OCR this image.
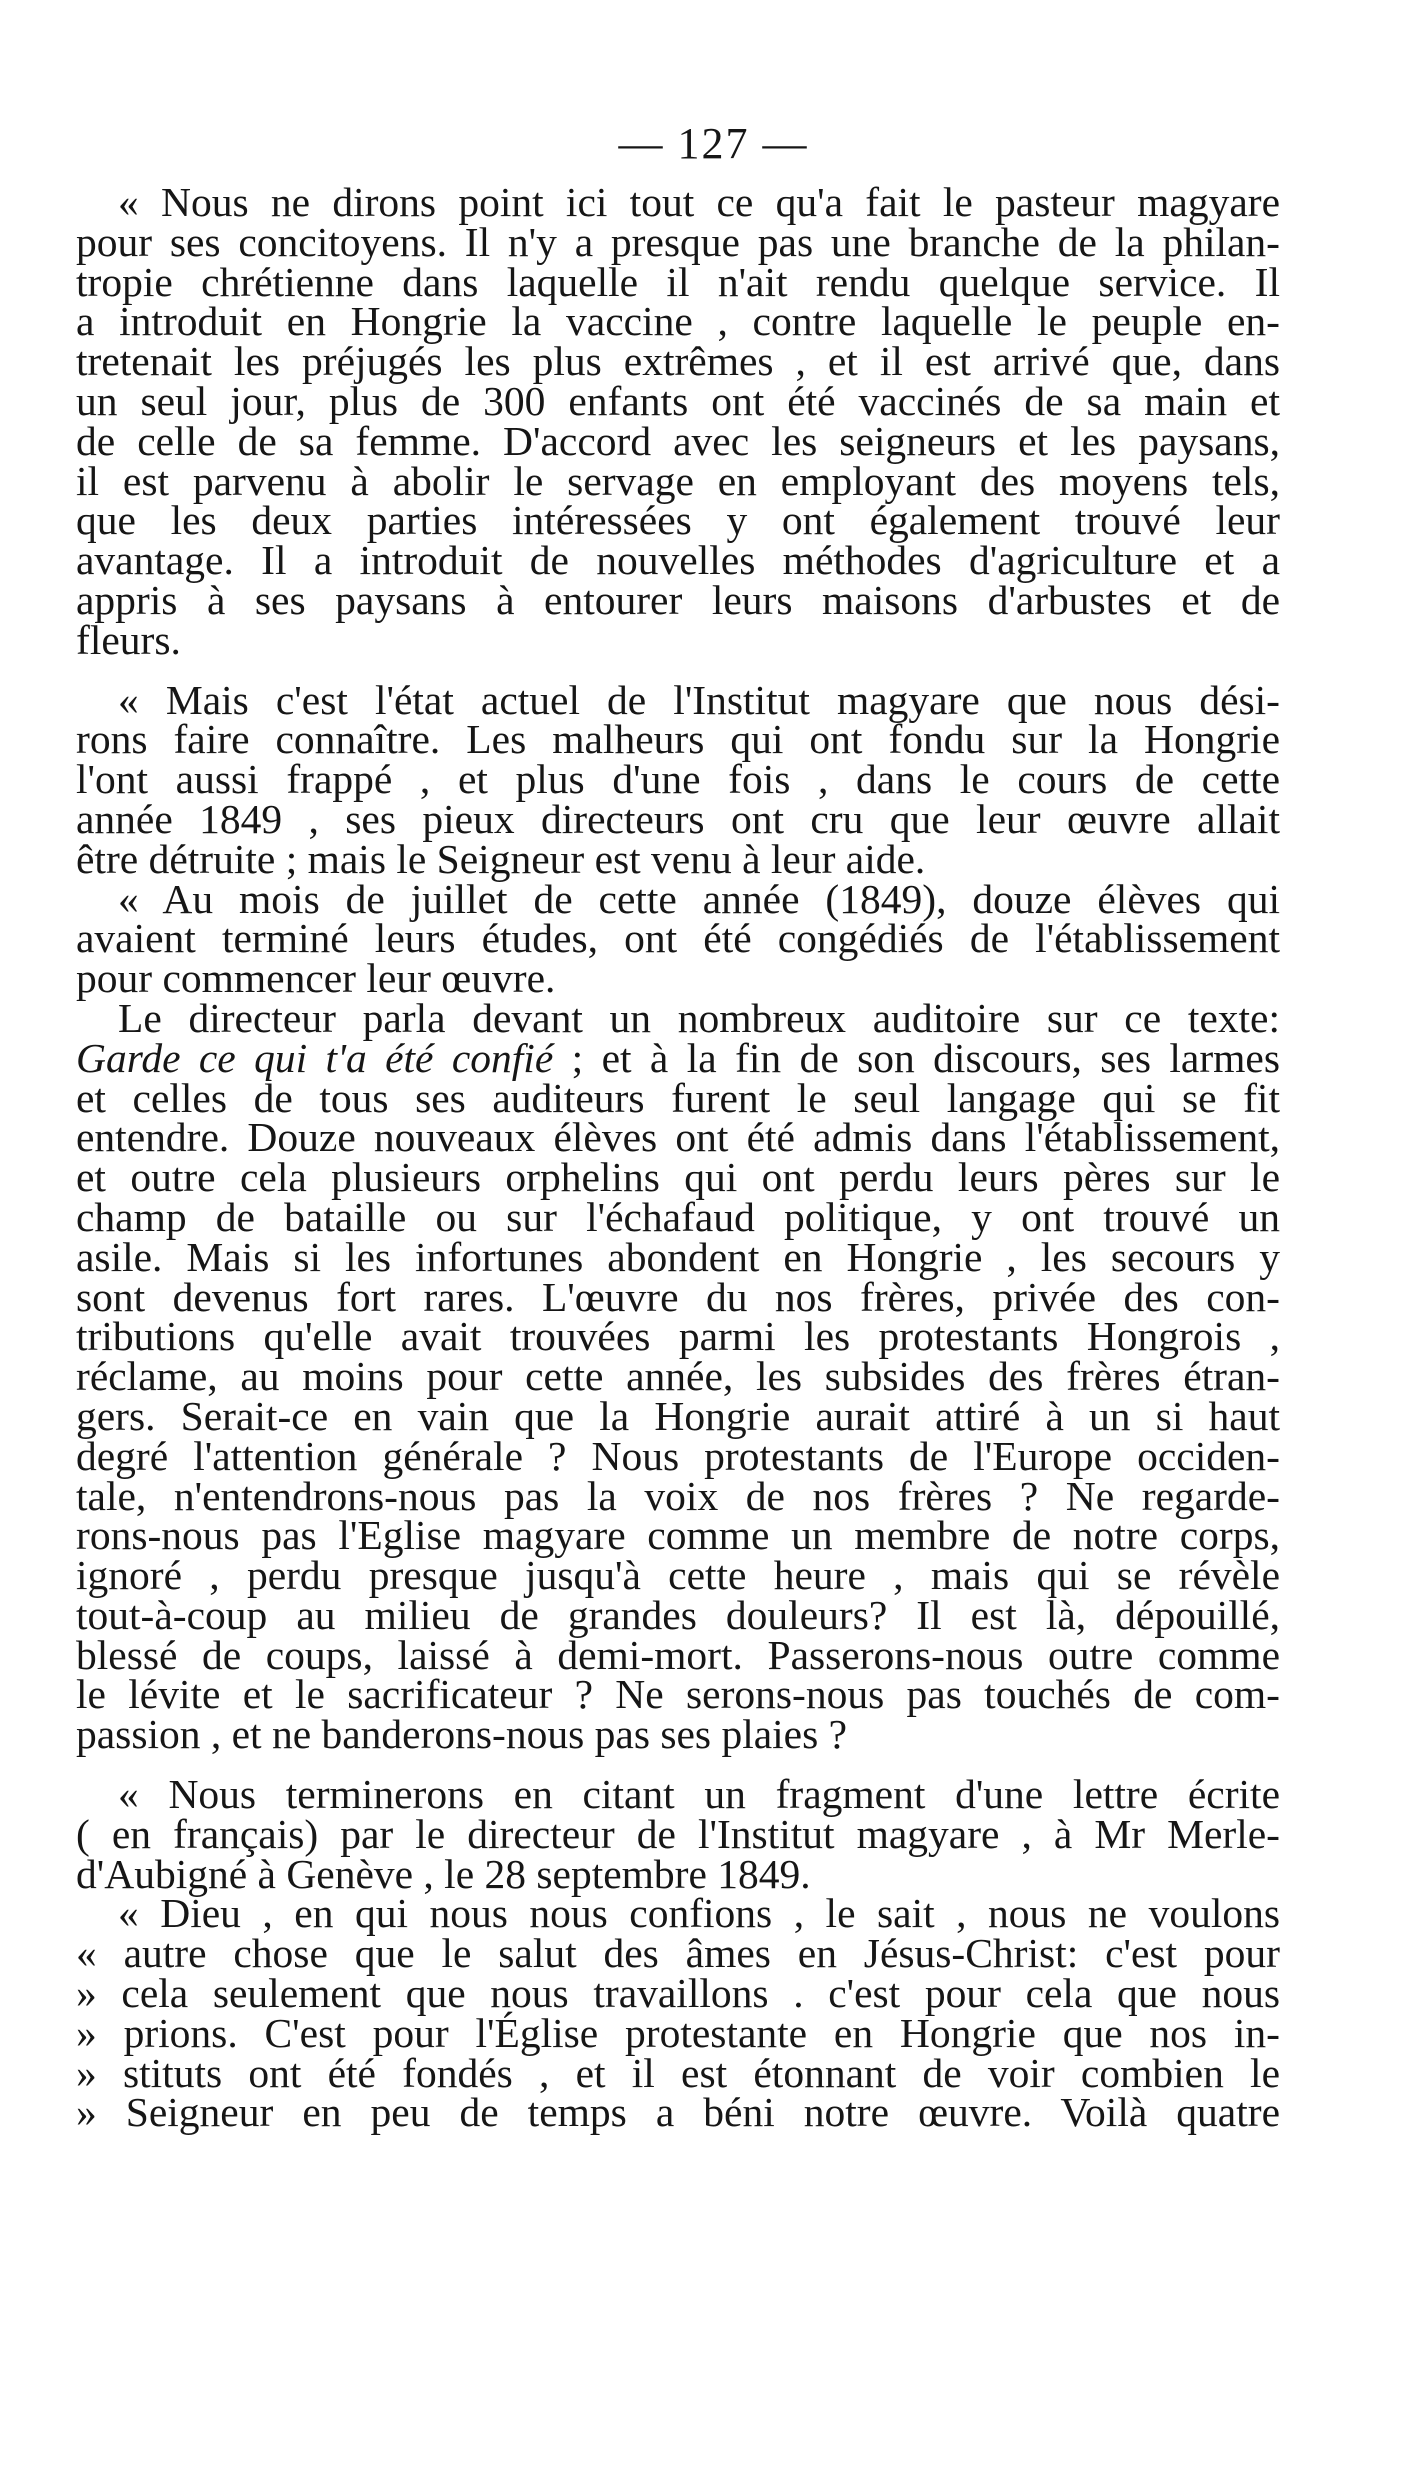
— 127 —
« Nous ne dirons point ici tout ce qu'a fait le pasteur magyare
pour ses concitoyens. Il n'y a presque pas une branche de la philan-
tropie chrétienne dans laquelle il n'ait rendu quelque service. Il
a introduit en Hongrie la vaccine , contre laquelle le peuple en-
tretenait les préjugés les plus extrêmes , et il est arrivé que, dans
un seul jour, plus de 300 enfants ont été vaccinés de sa main et
de celle de sa femme. D'accord avec les seigneurs et les paysans,
il est parvenu à abolir le servage en employant des moyens tels,
que les deux parties intéressées y ont également trouvé leur
avantage. Il a introduit de nouvelles méthodes d'agriculture et a
appris à ses paysans à entourer leurs maisons d'arbustes et de
fleurs.
« Mais c'est l'état actuel de l'Institut magyare que nous dési-
rons faire connaître. Les malheurs qui ont fondu sur la Hongrie
l'ont aussi frappé , et plus d'une fois , dans le cours de cette
année 1849 , ses pieux directeurs ont cru que leur œuvre allait
être détruite ; mais le Seigneur est venu à leur aide.
« Au mois de juillet de cette année (1849), douze élèves qui
avaient terminé leurs études, ont été congédiés de l'établissement
pour commencer leur œuvre.
Le directeur parla devant un nombreux auditoire sur ce texte:
Garde ce qui t'a été confié ; et à la fin de son discours, ses larmes
et celles de tous ses auditeurs furent le seul langage qui se fit
entendre. Douze nouveaux élèves ont été admis dans l'établissement,
et outre cela plusieurs orphelins qui ont perdu leurs pères sur le
champ de bataille ou sur l'échafaud politique, y ont trouvé un
asile. Mais si les infortunes abondent en Hongrie , les secours y
sont devenus fort rares. L'œuvre du nos frères, privée des con-
tributions qu'elle avait trouvées parmi les protestants Hongrois ,
réclame, au moins pour cette année, les subsides des frères étran-
gers. Serait-ce en vain que la Hongrie aurait attiré à un si haut
degré l'attention générale ? Nous protestants de l'Europe occiden-
tale, n'entendrons-nous pas la voix de nos frères ? Ne regarde-
rons-nous pas l'Eglise magyare comme un membre de notre corps,
ignoré , perdu presque jusqu'à cette heure , mais qui se révèle
tout-à-coup au milieu de grandes douleurs? Il est là, dépouillé,
blessé de coups, laissé à demi-mort. Passerons-nous outre comme
le lévite et le sacrificateur ? Ne serons-nous pas touchés de com-
passion , et ne banderons-nous pas ses plaies ?
« Nous terminerons en citant un fragment d'une lettre écrite
( en français) par le directeur de l'Institut magyare , à Mr Merle-
d'Aubigné à Genève , le 28 septembre 1849.
« Dieu , en qui nous nous confions , le sait , nous ne voulons
« autre chose que le salut des âmes en Jésus-Christ: c'est pour
» cela seulement que nous travaillons . c'est pour cela que nous
» prions. C'est pour l'Église protestante en Hongrie que nos in-
» stituts ont été fondés , et il est étonnant de voir combien le
» Seigneur en peu de temps a béni notre œuvre. Voilà quatre
